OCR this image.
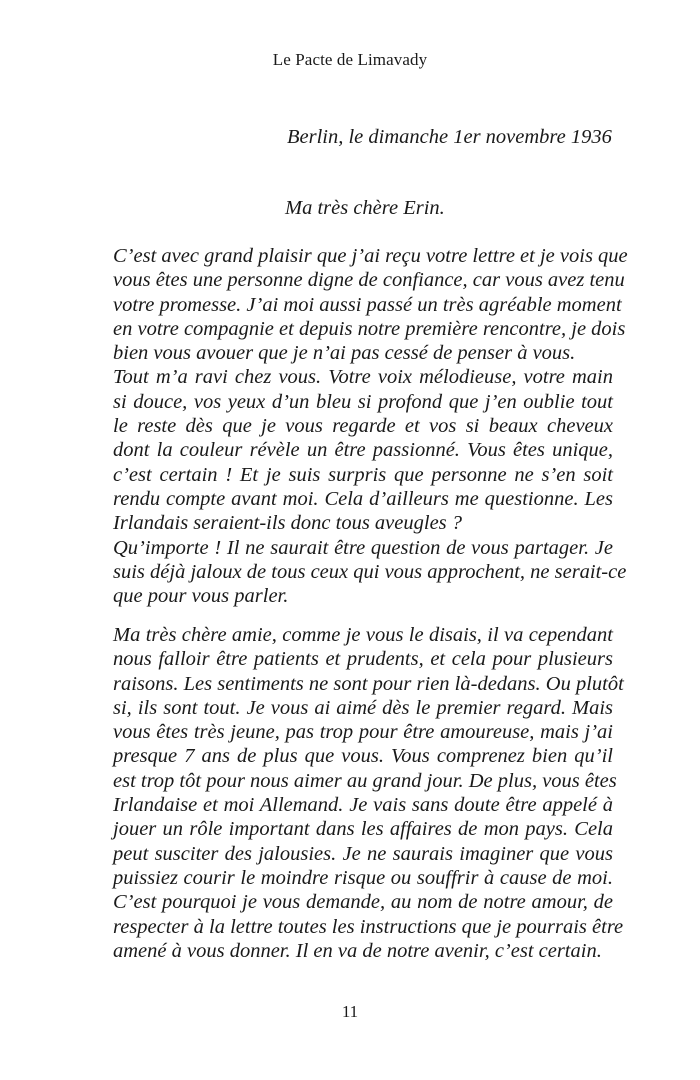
Le Pacte de Limavady
Berlin, le dimanche 1er novembre 1936
Ma très chère Erin.
C’est avec grand plaisir que j’ai reçu votre lettre et je vois que
vous êtes une personne digne de confiance, car vous avez tenu
votre promesse. J’ai moi aussi passé un très agréable moment
en votre compagnie et depuis notre première rencontre, je dois
bien vous avouer que je n’ai pas cessé de penser à vous.
Tout m’a ravi chez vous. Votre voix mélodieuse, votre main
si douce, vos yeux d’un bleu si profond que j’en oublie tout
le reste dès que je vous regarde et vos si beaux cheveux
dont la couleur révèle un être passionné. Vous êtes unique,
c’est certain ! Et je suis surpris que personne ne s’en soit
rendu compte avant moi. Cela d’ailleurs me questionne. Les
Irlandais seraient-ils donc tous aveugles ?
Qu’importe ! Il ne saurait être question de vous partager. Je
suis déjà jaloux de tous ceux qui vous approchent, ne serait-ce
que pour vous parler.
Ma très chère amie, comme je vous le disais, il va cependant
nous falloir être patients et prudents, et cela pour plusieurs
raisons. Les sentiments ne sont pour rien là-dedans. Ou plutôt
si, ils sont tout. Je vous ai aimé dès le premier regard. Mais
vous êtes très jeune, pas trop pour être amoureuse, mais j’ai
presque 7 ans de plus que vous. Vous comprenez bien qu’il
est trop tôt pour nous aimer au grand jour. De plus, vous êtes
Irlandaise et moi Allemand. Je vais sans doute être appelé à
jouer un rôle important dans les affaires de mon pays. Cela
peut susciter des jalousies. Je ne saurais imaginer que vous
puissiez courir le moindre risque ou souffrir à cause de moi.
C’est pourquoi je vous demande, au nom de notre amour, de
respecter à la lettre toutes les instructions que je pourrais être
amené à vous donner. Il en va de notre avenir, c’est certain.
11
